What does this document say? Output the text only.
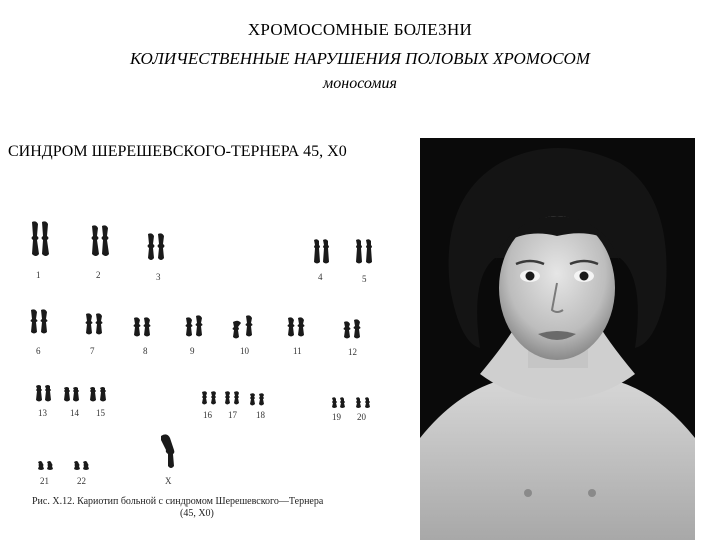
ХРОМОСОМНЫЕ БОЛЕЗНИ
КОЛИЧЕСТВЕННЫЕ НАРУШЕНИЯ ПОЛОВЫХ ХРОМОСОМ
моносомия
СИНДРОМ ШЕРЕШЕВСКОГО-ТЕРНЕРА 45, Х0
1	2	3	4	5
6	7	8	9	10	11	12
13	14 15	16 17 18	19 20
21	22	X
Рис. X.12. Кариотип больной с синдромом Шерешевского—Тернера
(45, X0)
